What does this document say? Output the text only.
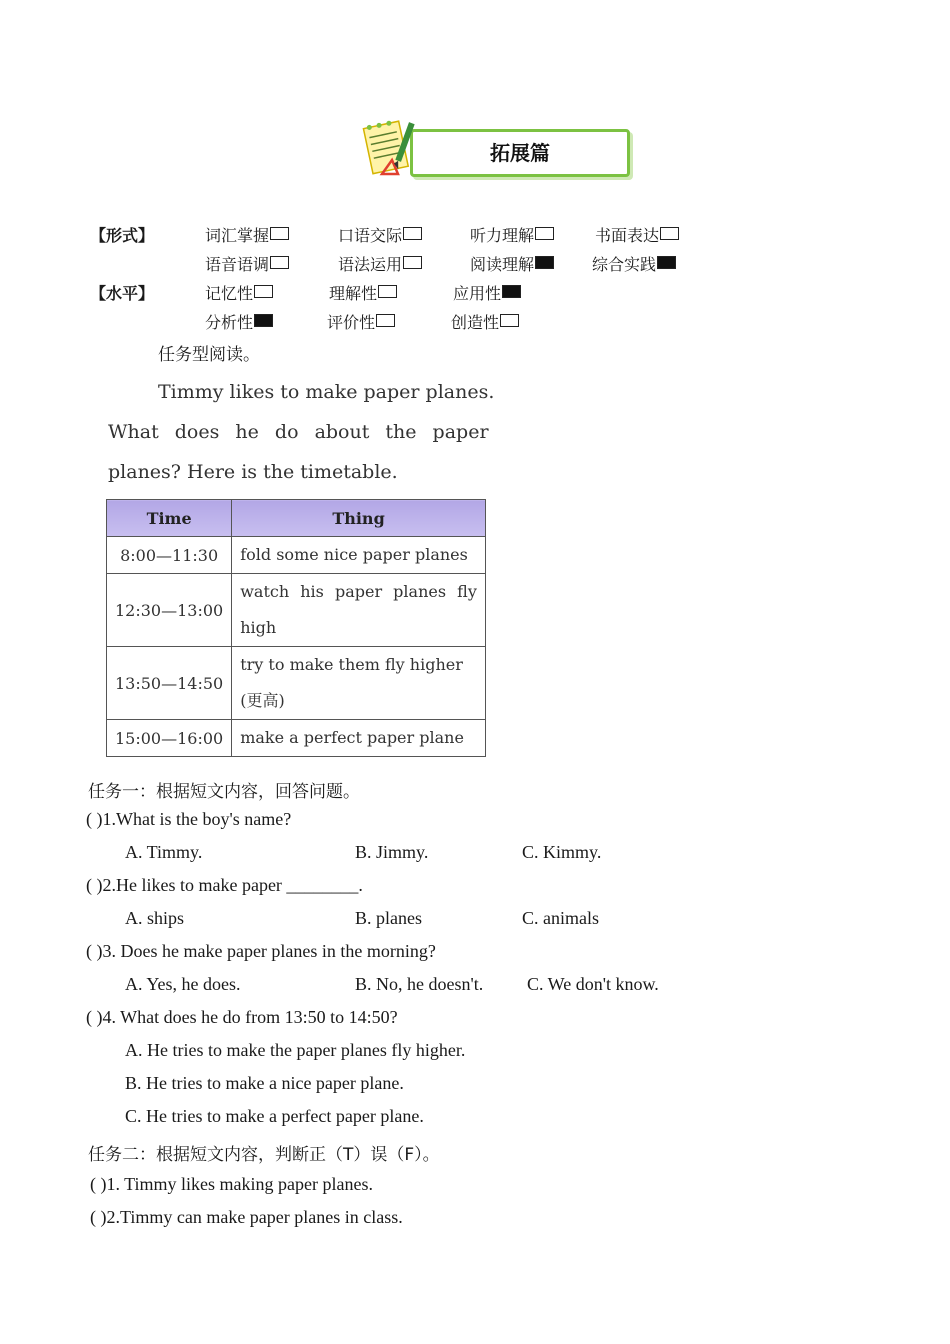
拓展篇
【形式】	词汇掌握	口语交际	听力理解	书面表达
语音语调	语法运用	阅读理解	综合实践
【水平】	记忆性	理解性	应用性
分析性	评价性	创造性
任务型阅读。
Timmy likes to make paper planes.
What does he do about the paper
planes? Here is the timetable.
Time	Thing
8:00—11:30	fold some nice paper planes

12:30—13:00	watch his paper planes fly
high

13:50—14:50	try to make them fly higher
(更高)

15:00—16:00	make a perfect paper plane
任务一：根据短文内容，回答问题。
( )1.What is the boy's name?
A. Timmy.	B. Jimmy.	C. Kimmy.
( )2.He likes to make paper ________.
A. ships	B. planes	C. animals
( )3. Does he make paper planes in the morning?
A. Yes, he does.	B. No, he doesn't. C. We don't know.
( )4. What does he do from 13:50 to 14:50?
A. He tries to make the paper planes fly higher.
B. He tries to make a nice paper plane.
C. He tries to make a perfect paper plane.
任务二：根据短文内容，判断正（T）误（F）。
( )1. Timmy likes making paper planes.
( )2.Timmy can make paper planes in class.
